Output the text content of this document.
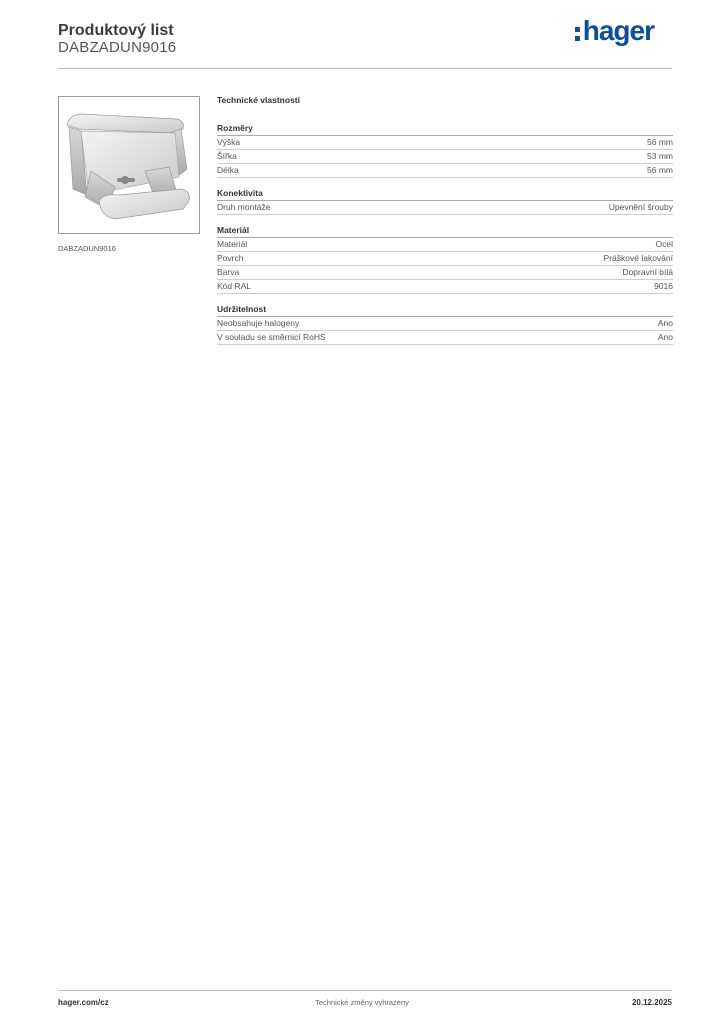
Produktový list
DABZADUN9016
hager
DABZADUN9016
Technické vlastnosti
Rozměry
Výška	56 mm
Šířka	53 mm
Délka	56 mm
Konektivita
Druh montáže	Upevnění šrouby
Materiál
Materiál	Ocel
Povrch	Práškové lakování
Barva	Dopravní bílá
Kód RAL	9016
Udržitelnost
Neobsahuje halogeny	Ano
V souladu se směrnicí RoHS	Ano
hager.com/cz	Technické změny vyhrazeny	20.12.2025
